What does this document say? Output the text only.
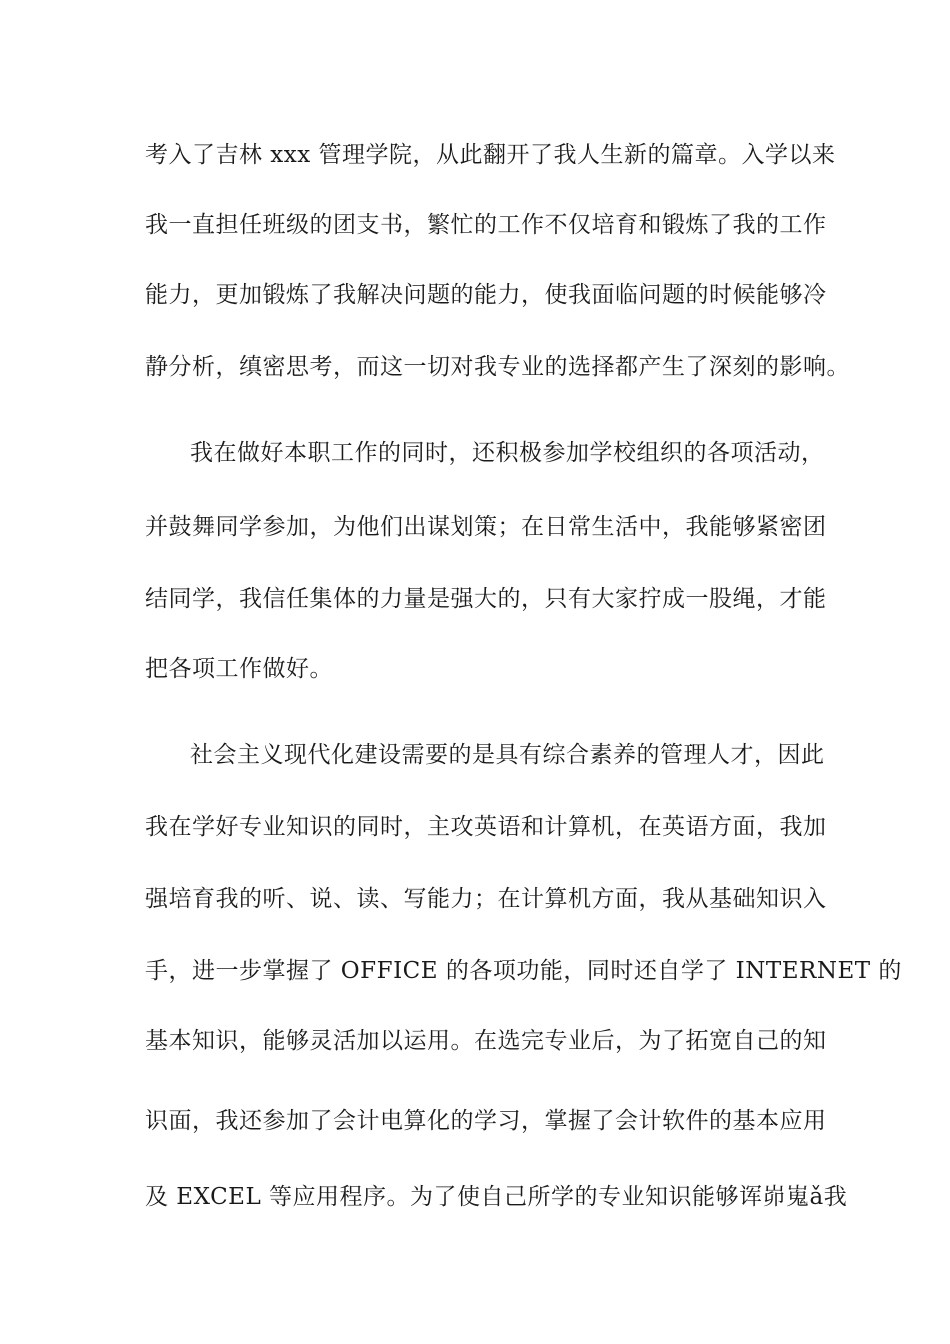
考入了吉林 xxx 管理学院，从此翻开了我人生新的篇章。入学以来
我一直担任班级的团支书，繁忙的工作不仅培育和锻炼了我的工作
能力，更加锻炼了我解决问题的能力，使我面临问题的时候能够冷
静分析，缜密思考，而这一切对我专业的选择都产生了深刻的影响。
我在做好本职工作的同时，还积极参加学校组织的各项活动，
并鼓舞同学参加，为他们出谋划策；在日常生活中，我能够紧密团
结同学，我信任集体的力量是强大的，只有大家拧成一股绳，才能
把各项工作做好。
社会主义现代化建设需要的是具有综合素养的管理人才，因此
我在学好专业知识的同时，主攻英语和计算机，在英语方面，我加
强培育我的听、说、读、写能力；在计算机方面，我从基础知识入
手，进一步掌握了 OFFICE 的各项功能，同时还自学了 INTERNET 的
基本知识，能够灵活加以运用。在选完专业后，为了拓宽自己的知
识面，我还参加了会计电算化的学习，掌握了会计软件的基本应用
及 EXCEL 等应用程序。为了使自己所学的专业知识能够诨峁嵬ǎ我
